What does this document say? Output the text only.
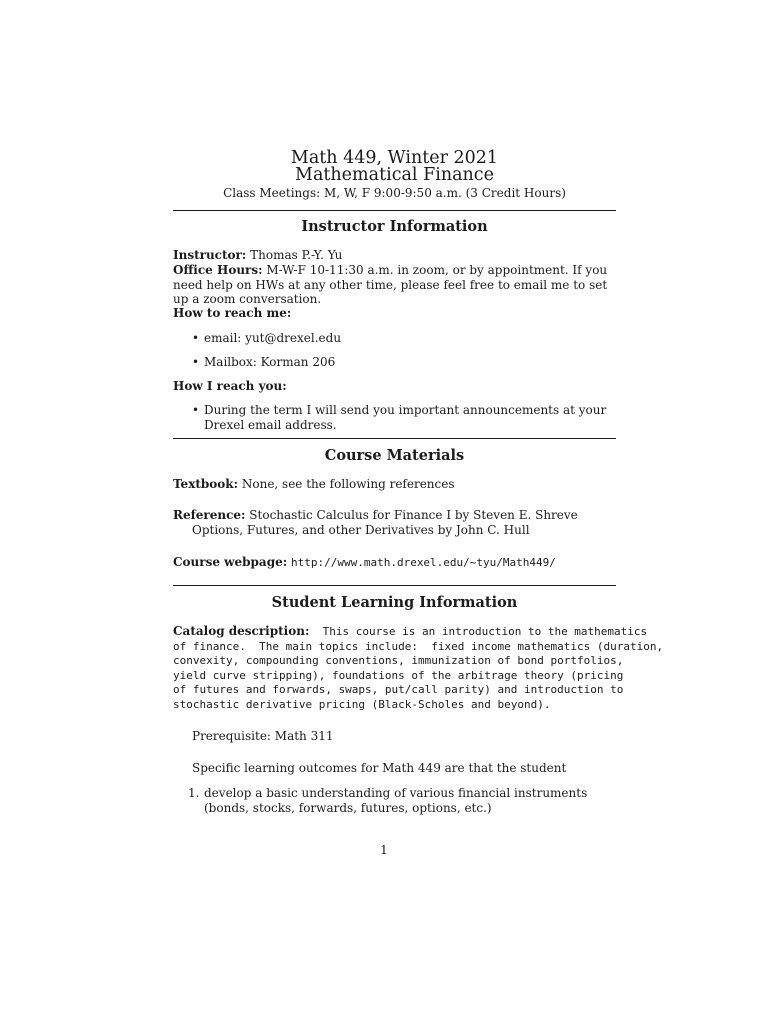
Math 449, Winter 2021
Mathematical Finance
Class Meetings: M, W, F 9:00-9:50 a.m. (3 Credit Hours)
Instructor Information
Instructor: Thomas P.-Y. Yu
Office Hours: M-W-F 10-11:30 a.m. in zoom, or by appointment. If you need help on HWs at any other time, please feel free to email me to set up a zoom conversation.
How to reach me:
• email: yut@drexel.edu
• Mailbox: Korman 206
How I reach you:
• During the term I will send you important announcements at your Drexel email address.
Course Materials
Textbook: None, see the following references
Reference: Stochastic Calculus for Finance I by Steven E. Shreve
Options, Futures, and other Derivatives by John C. Hull
Course webpage: http://www.math.drexel.edu/~tyu/Math449/
Student Learning Information
Catalog description:  This course is an introduction to the mathematics
of finance.  The main topics include:  fixed income mathematics (duration,
convexity, compounding conventions, immunization of bond portfolios,
yield curve stripping), foundations of the arbitrage theory (pricing
of futures and forwards, swaps, put/call parity) and introduction to
stochastic derivative pricing (Black-Scholes and beyond).
Prerequisite: Math 311
Specific learning outcomes for Math 449 are that the student
1. develop a basic understanding of various financial instruments (bonds, stocks, forwards, futures, options, etc.)
1
